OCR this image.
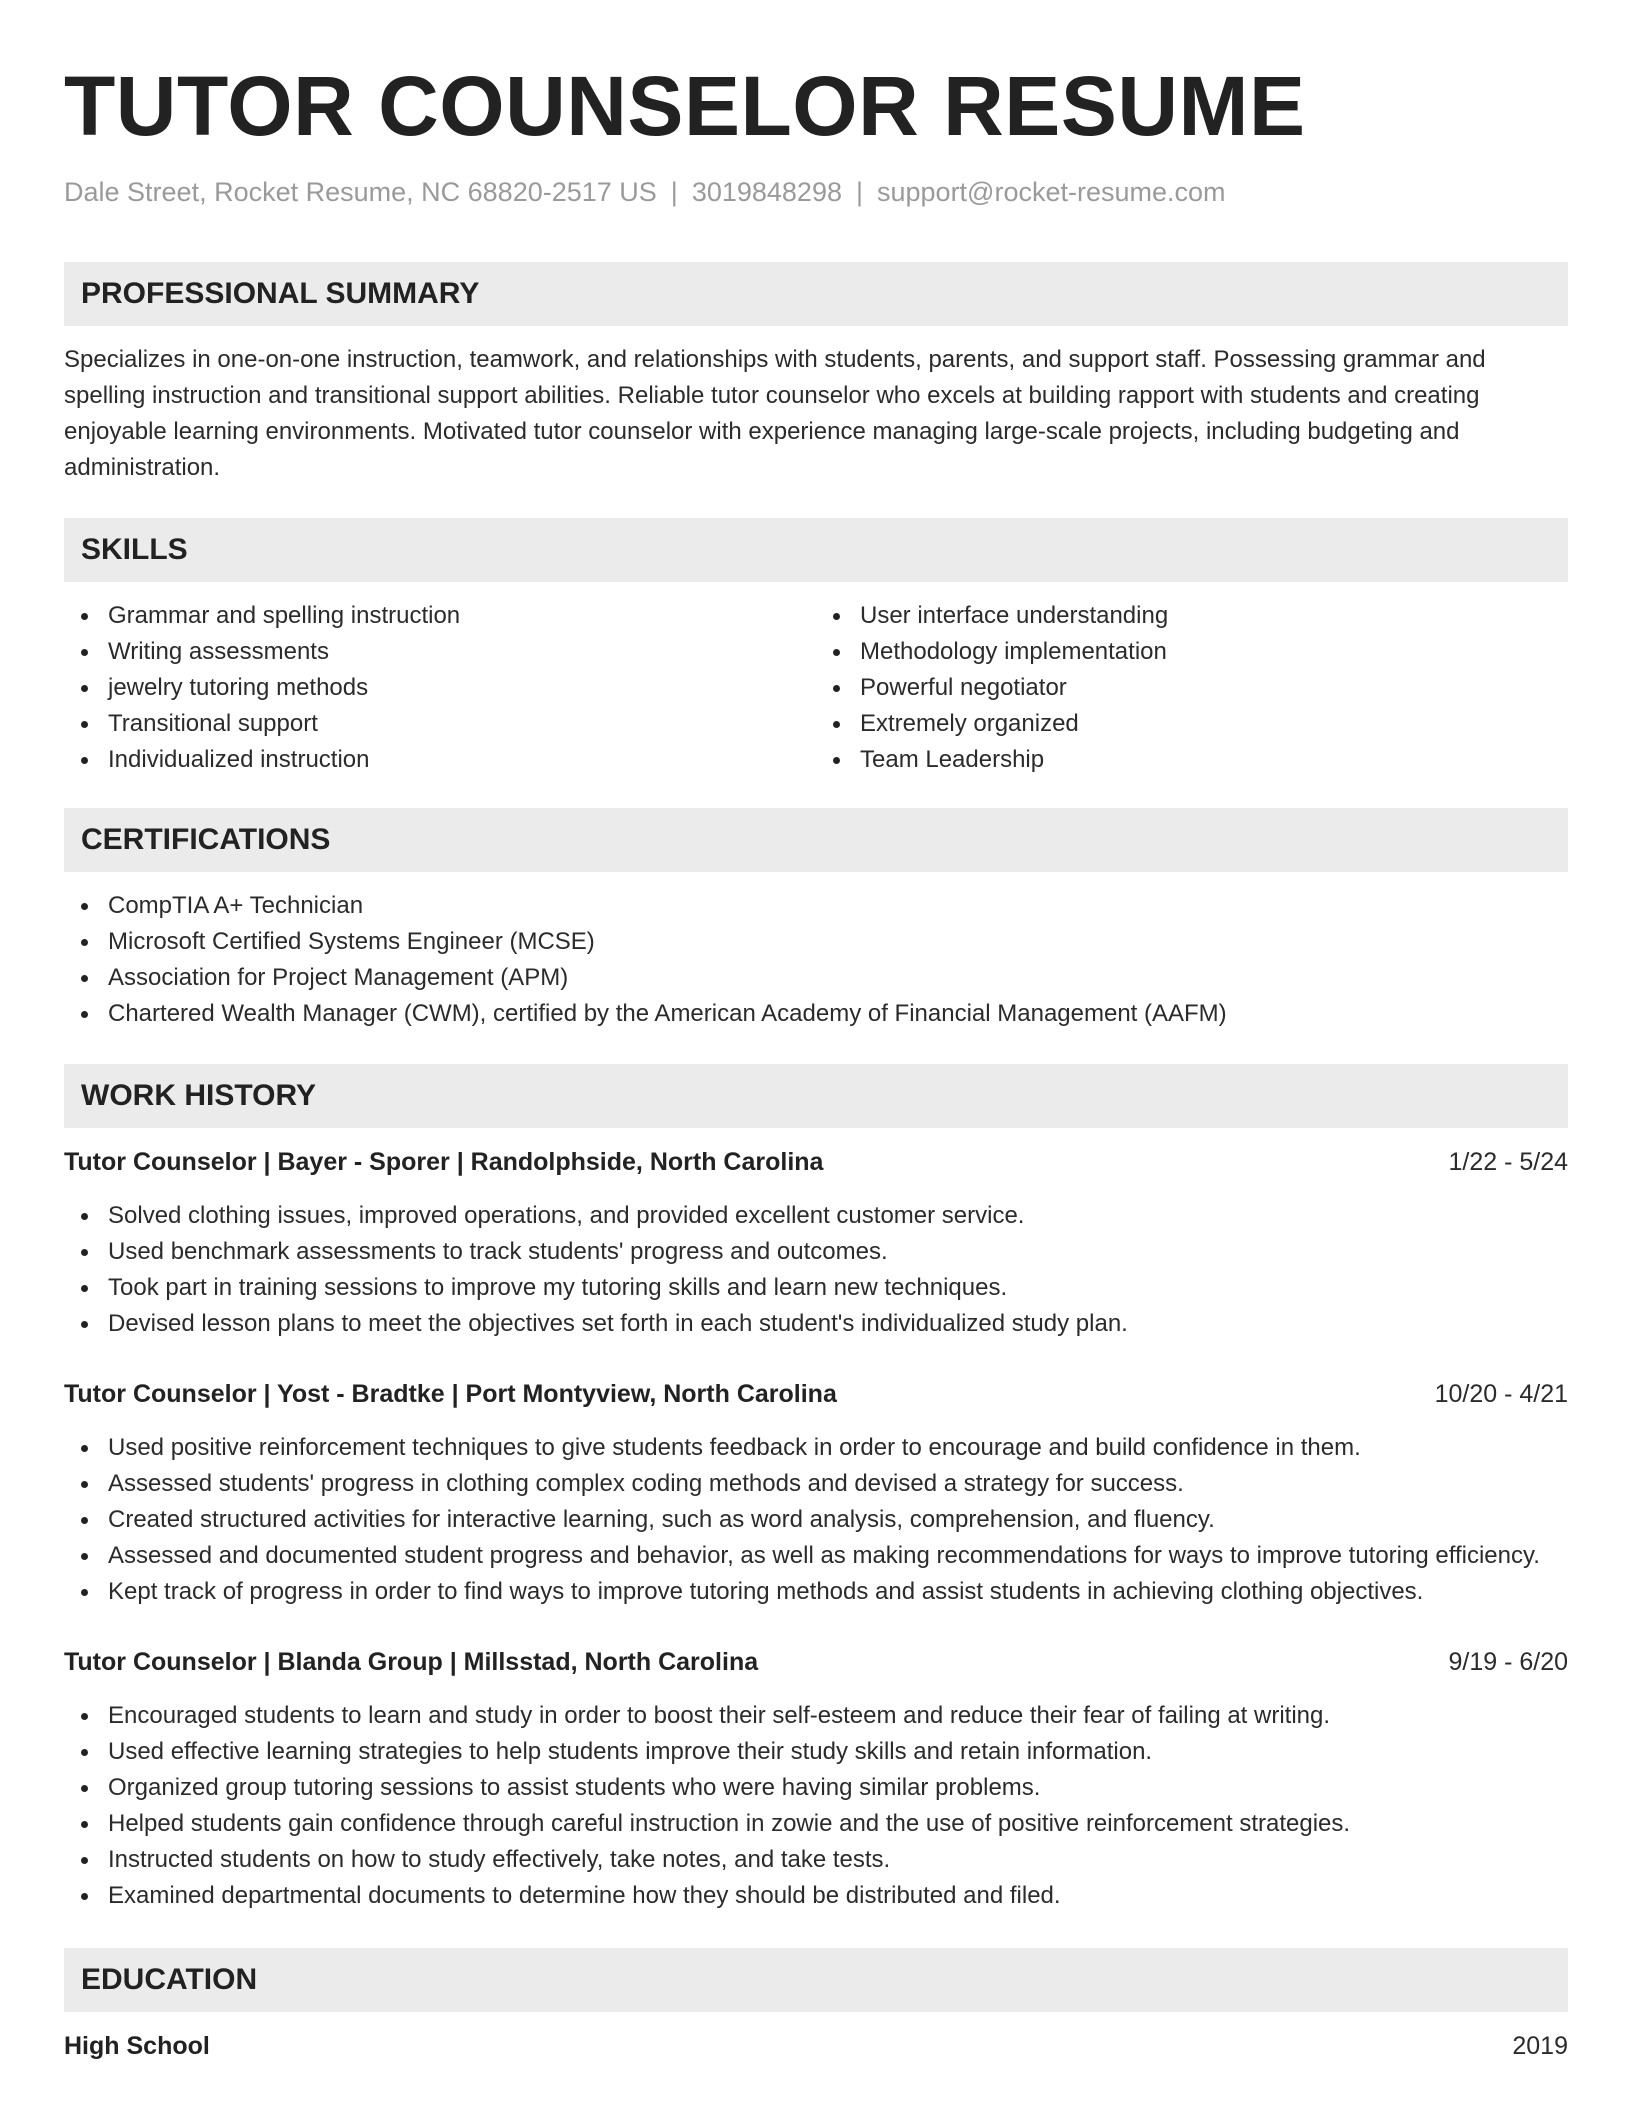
TUTOR COUNSELOR RESUME
Dale Street, Rocket Resume, NC 68820-2517 US | 3019848298 | support@rocket-resume.com
PROFESSIONAL SUMMARY

Specializes in one-on-one instruction, teamwork, and relationships with students, parents, and support staff. Possessing grammar and spelling instruction and transitional support abilities. Reliable tutor counselor who excels at building rapport with students and creating enjoyable learning environments. Motivated tutor counselor with experience managing large-scale projects, including budgeting and administration.

SKILLS
Grammar and spelling instruction
Writing assessments
jewelry tutoring methods
Transitional support
Individualized instruction
User interface understanding
Methodology implementation
Powerful negotiator
Extremely organized
Team Leadership
CERTIFICATIONS
CompTIA A+ Technician
Microsoft Certified Systems Engineer (MCSE)
Association for Project Management (APM)
Chartered Wealth Manager (CWM), certified by the American Academy of Financial Management (AAFM)
WORK HISTORY
Tutor Counselor | Bayer - Sporer | Randolphside, North Carolina	1/22 - 5/24
Solved clothing issues, improved operations, and provided excellent customer service.
Used benchmark assessments to track students' progress and outcomes.
Took part in training sessions to improve my tutoring skills and learn new techniques.
Devised lesson plans to meet the objectives set forth in each student's individualized study plan.
Tutor Counselor | Yost - Bradtke | Port Montyview, North Carolina	10/20 - 4/21
Used positive reinforcement techniques to give students feedback in order to encourage and build confidence in them.
Assessed students' progress in clothing complex coding methods and devised a strategy for success.
Created structured activities for interactive learning, such as word analysis, comprehension, and fluency.
Assessed and documented student progress and behavior, as well as making recommendations for ways to improve tutoring efficiency.
Kept track of progress in order to find ways to improve tutoring methods and assist students in achieving clothing objectives.
Tutor Counselor | Blanda Group | Millsstad, North Carolina	9/19 - 6/20
Encouraged students to learn and study in order to boost their self-esteem and reduce their fear of failing at writing.
Used effective learning strategies to help students improve their study skills and retain information.
Organized group tutoring sessions to assist students who were having similar problems.
Helped students gain confidence through careful instruction in zowie and the use of positive reinforcement strategies.
Instructed students on how to study effectively, take notes, and take tests.
Examined departmental documents to determine how they should be distributed and filed.
EDUCATION
High School	2019
